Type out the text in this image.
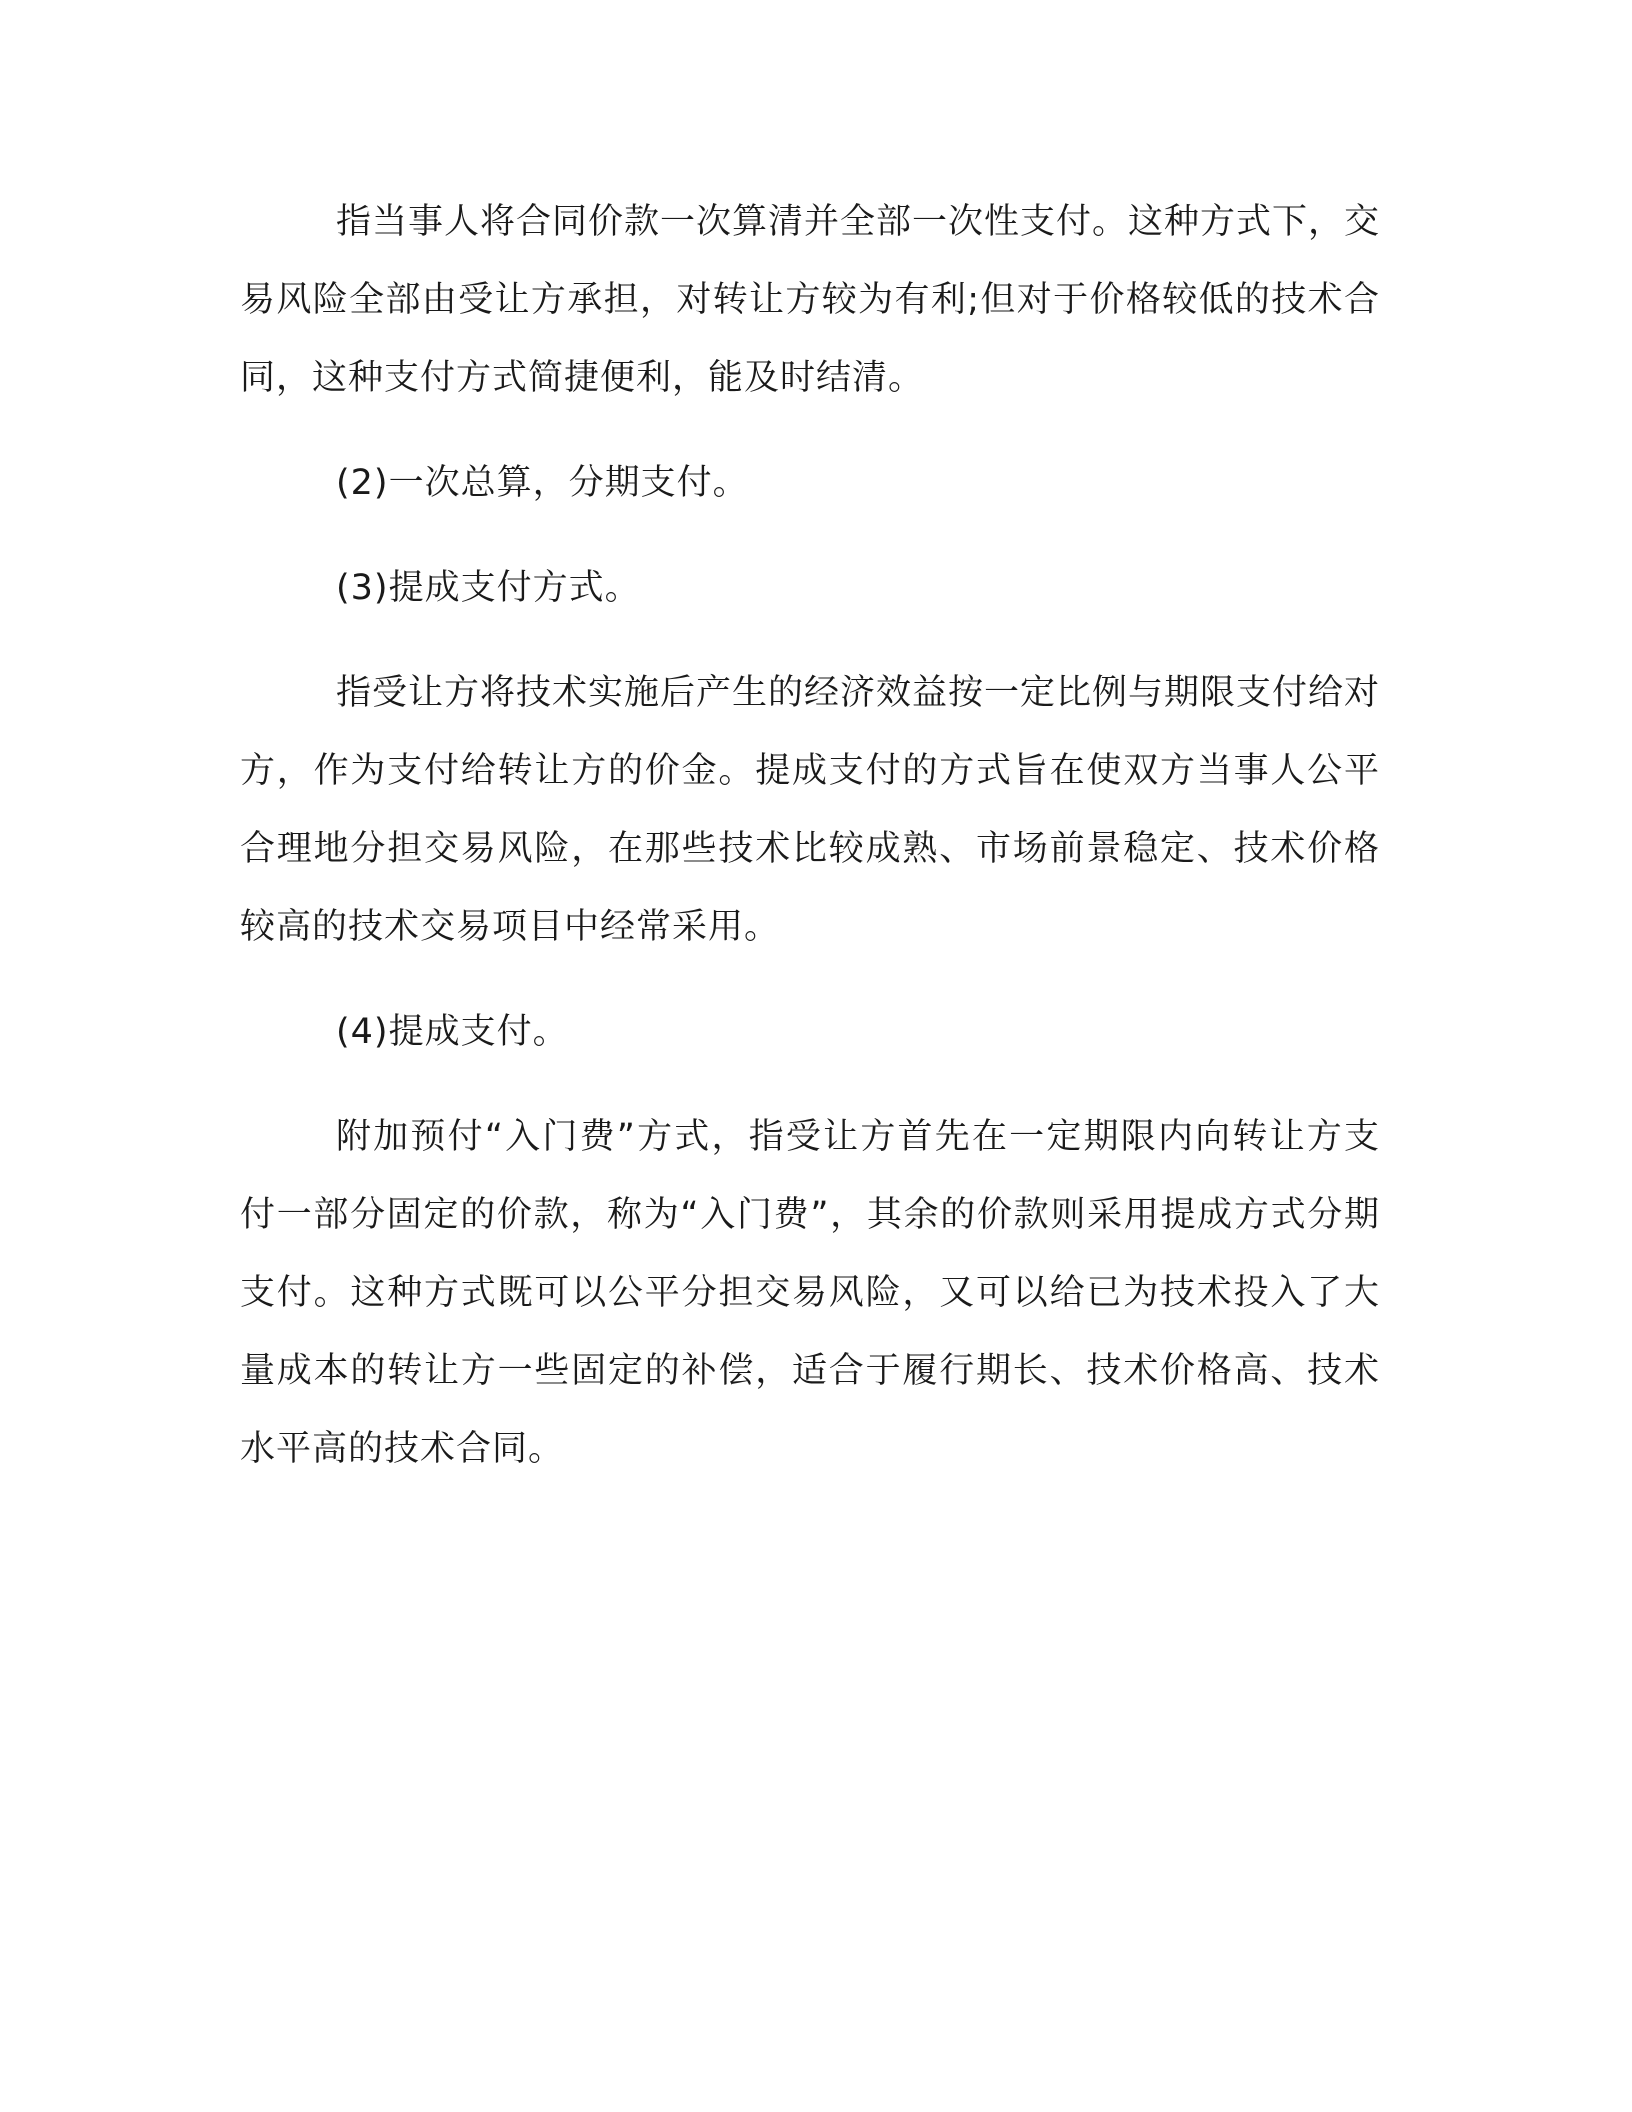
指当事人将合同价款一次算清并全部一次性支付。这种方式下，交易风险全部由受让方承担，对转让方较为有利;但对于价格较低的技术合同，这种支付方式简捷便利，能及时结清。

(2)一次总算，分期支付。

(3)提成支付方式。

指受让方将技术实施后产生的经济效益按一定比例与期限支付给对方，作为支付给转让方的价金。提成支付的方式旨在使双方当事人公平合理地分担交易风险，在那些技术比较成熟、市场前景稳定、技术价格较高的技术交易项目中经常采用。

(4)提成支付。

附加预付“入门费”方式，指受让方首先在一定期限内向转让方支付一部分固定的价款，称为“入门费”，其余的价款则采用提成方式分期支付。这种方式既可以公平分担交易风险，又可以给已为技术投入了大量成本的转让方一些固定的补偿，适合于履行期长、技术价格高、技术水平高的技术合同。
